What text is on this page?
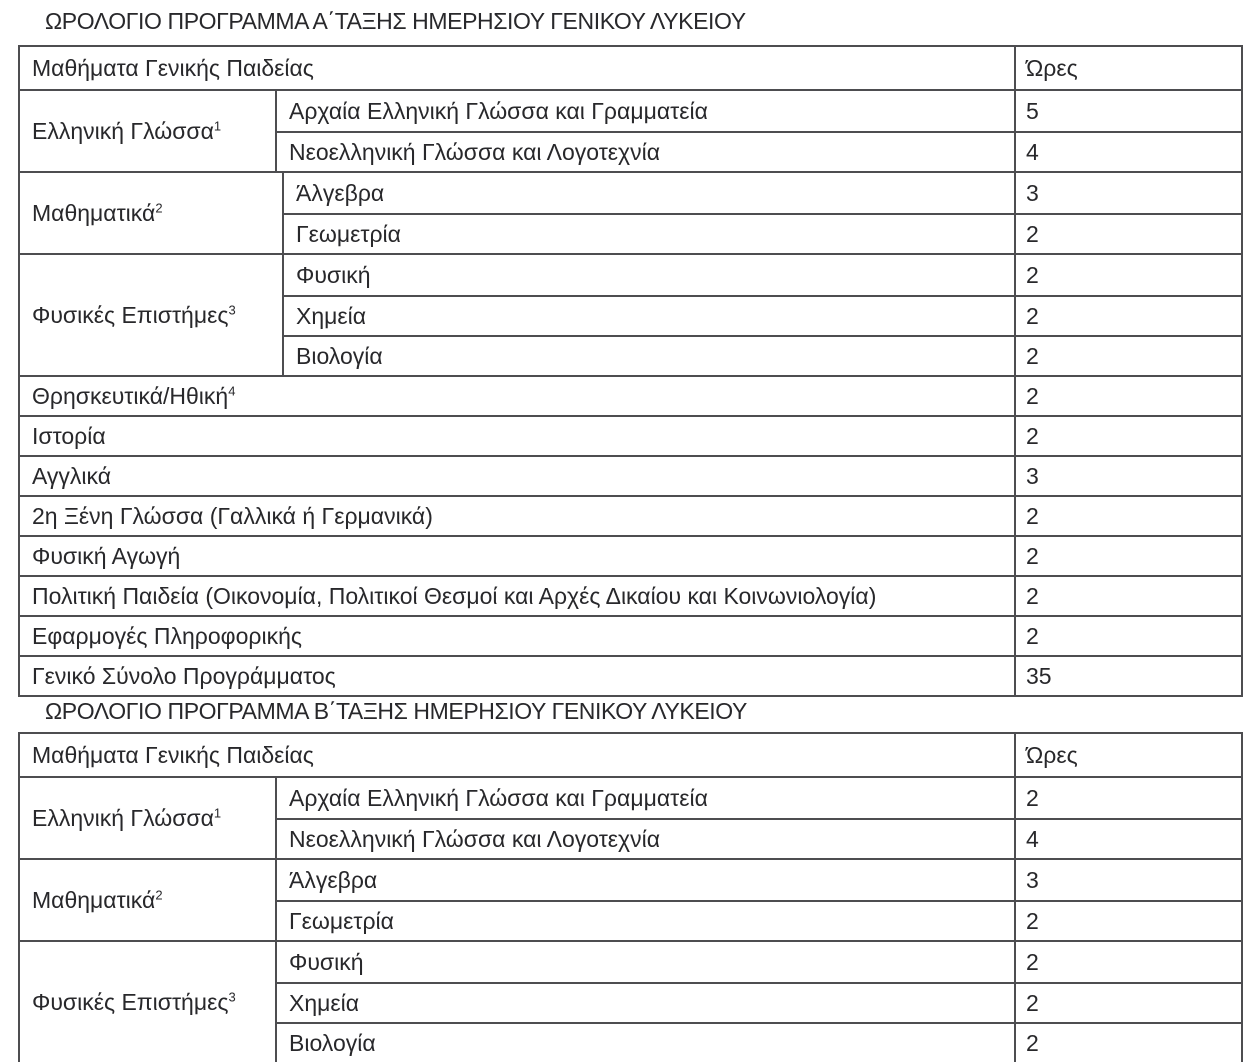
ΩΡΟΛΟΓΙΟ ΠΡΟΓΡΑΜΜΑ Α΄ΤΑΞΗΣ ΗΜΕΡΗΣΙΟΥ ΓΕΝΙΚΟΥ ΛΥΚΕΙΟΥ
Μαθήματα Γενικής Παιδείας	Ώρες
Ελληνική Γλώσσα$^1$
Αρχαία Ελληνική Γλώσσα και Γραμματεία	5
Νεοελληνική Γλώσσα και Λογοτεχνία	4
Μαθηματικά$^2$
Άλγεβρα	3
Γεωμετρία	2
Φυσικές Επιστήμες$^3$
Φυσική	2
Χημεία	2
Βιολογία	2
Θρησκευτικά/Ηθική$^4$	2
Ιστορία	2
Αγγλικά	3
2η Ξένη Γλώσσα (Γαλλικά ή Γερμανικά)	2
Φυσική Αγωγή	2
Πολιτική Παιδεία (Οικονομία, Πολιτικοί Θεσμοί και Αρχές Δικαίου και Κοινωνιολογία)	2
Εφαρμογές Πληροφορικής	2
Γενικό Σύνολο Προγράμματος	35
ΩΡΟΛΟΓΙΟ ΠΡΟΓΡΑΜΜΑ Β΄ΤΑΞΗΣ ΗΜΕΡΗΣΙΟΥ ΓΕΝΙΚΟΥ ΛΥΚΕΙΟΥ
Μαθήματα Γενικής Παιδείας	Ώρες
Ελληνική Γλώσσα$^1$
Αρχαία Ελληνική Γλώσσα και Γραμματεία	2
Νεοελληνική Γλώσσα και Λογοτεχνία	4
Μαθηματικά$^2$
Άλγεβρα	3
Γεωμετρία	2
Φυσικές Επιστήμες$^3$
Φυσική	2
Χημεία	2
Βιολογία	2
